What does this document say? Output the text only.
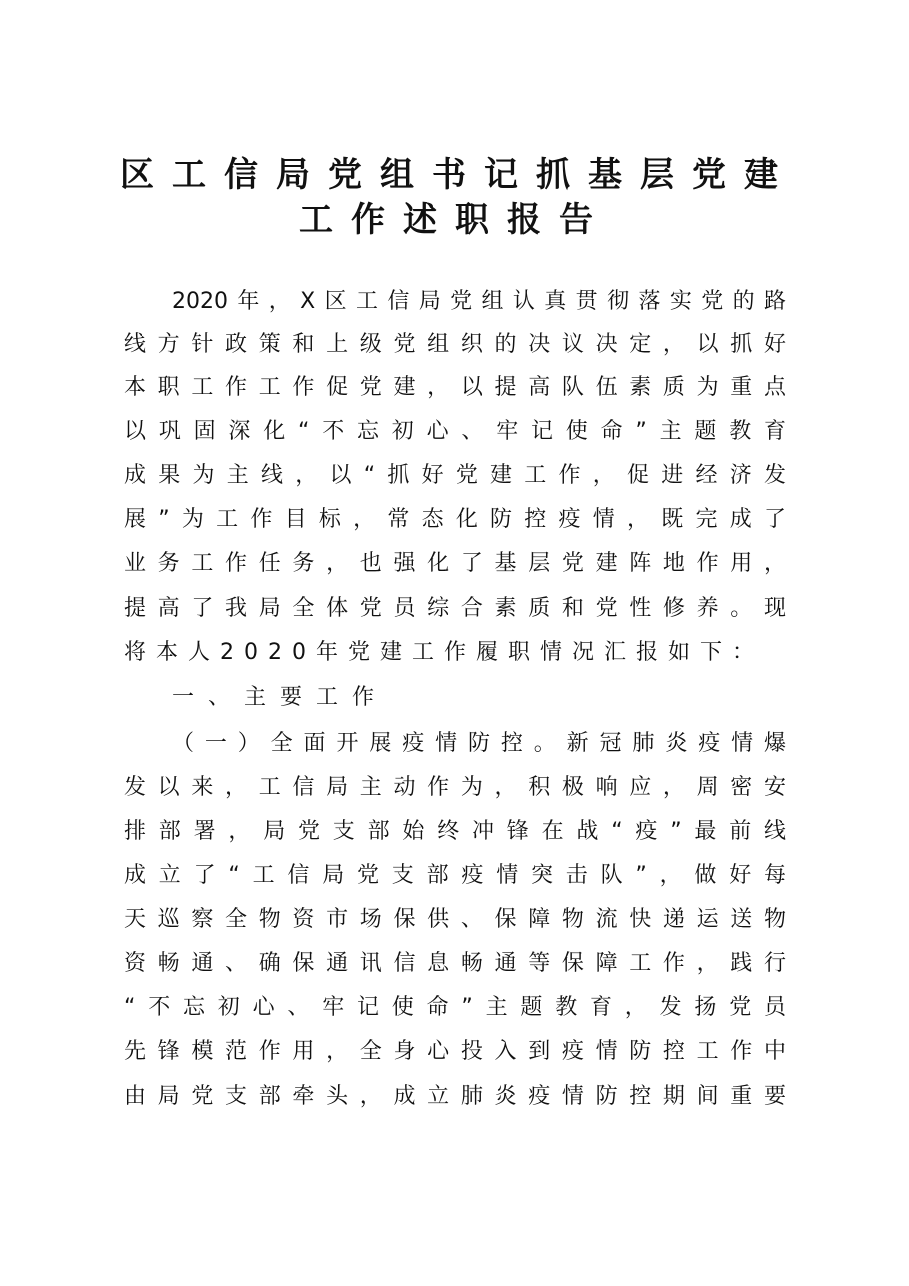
区工信局党组书记抓基层党建
工作述职报告
2020年，X区工信局党组认真贯彻落实党的路
线方针政策和上级党组织的决议决定，以抓好
本职工作工作促党建，以提高队伍素质为重点
以巩固深化“不忘初心、牢记使命”主题教育
成果为主线，以“抓好党建工作，促进经济发
展”为工作目标，常态化防控疫情，既完成了
业务工作任务，也强化了基层党建阵地作用，
提高了我局全体党员综合素质和党性修养。现
将本人2020年党建工作履职情况汇报如下：
一、主要工作
（一）全面开展疫情防控。新冠肺炎疫情爆
发以来，工信局主动作为，积极响应，周密安
排部署，局党支部始终冲锋在战“疫”最前线
成立了“工信局党支部疫情突击队”，做好每
天巡察全物资市场保供、保障物流快递运送物
资畅通、确保通讯信息畅通等保障工作，践行
“不忘初心、牢记使命”主题教育，发扬党员
先锋模范作用，全身心投入到疫情防控工作中
由局党支部牵头，成立肺炎疫情防控期间重要
